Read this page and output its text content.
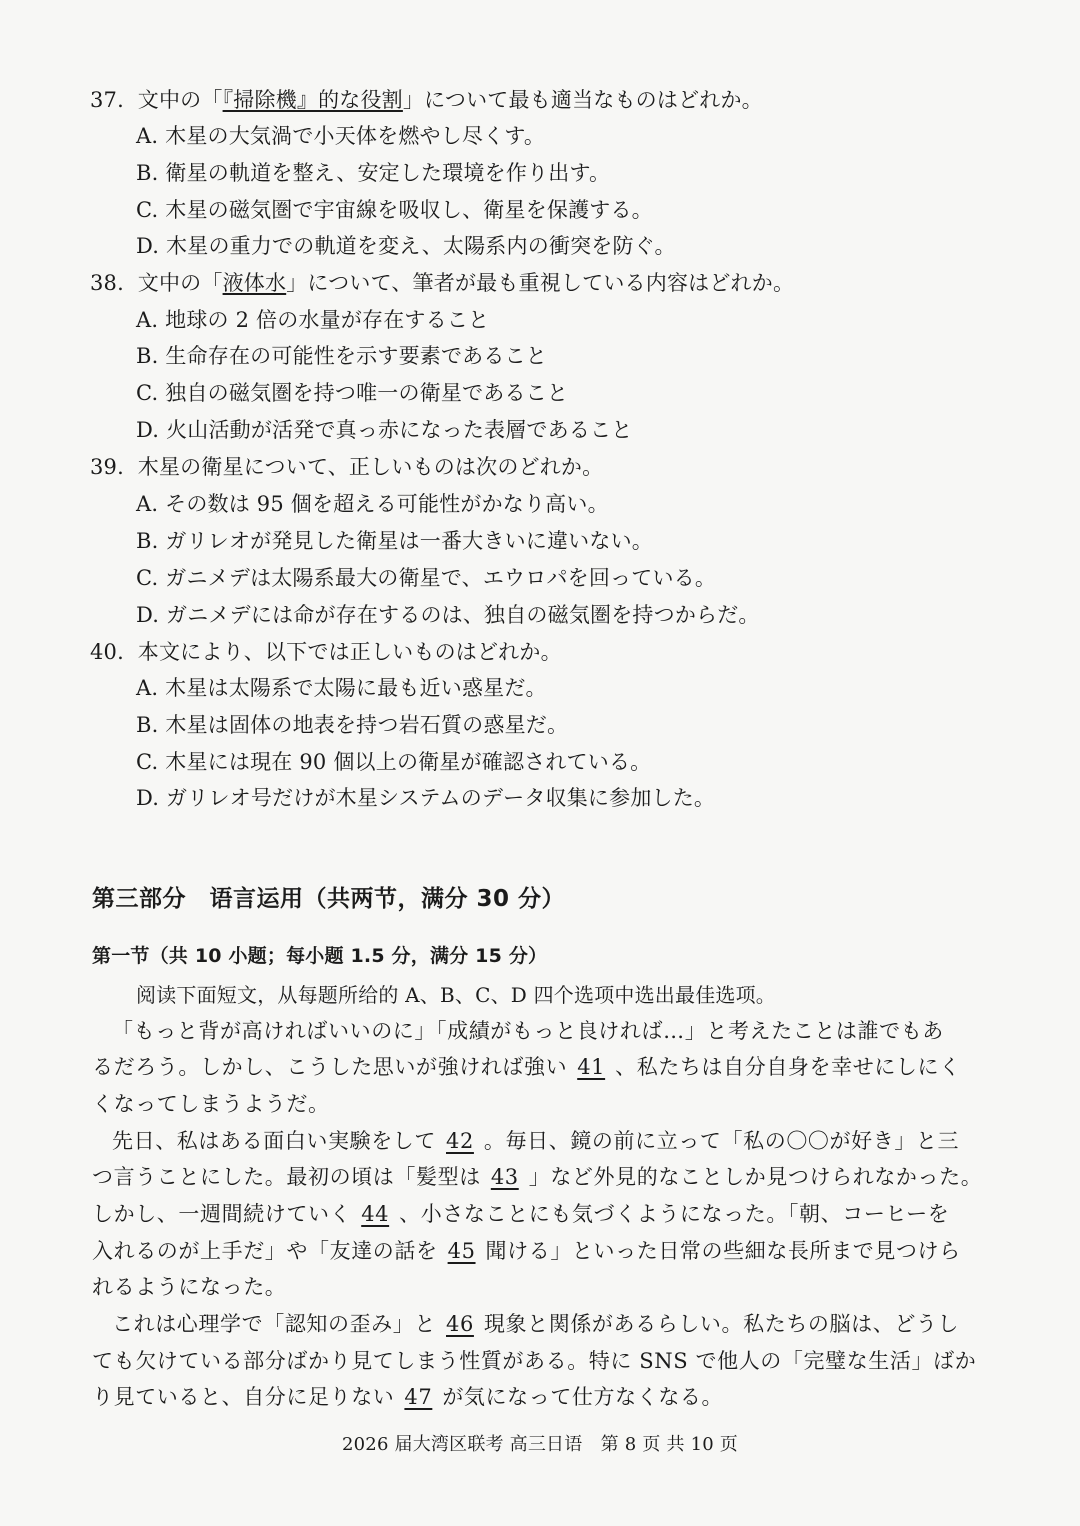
37. 文中の「『掃除機』的な役割」について最も適当なものはどれか。
A. 木星の大気渦で小天体を燃やし尽くす。
B. 衛星の軌道を整え、安定した環境を作り出す。
C. 木星の磁気圏で宇宙線を吸収し、衛星を保護する。
D. 木星の重力での軌道を変え、太陽系内の衝突を防ぐ。
38. 文中の「液体水」について、筆者が最も重視している内容はどれか。
A. 地球の 2 倍の水量が存在すること
B. 生命存在の可能性を示す要素であること
C. 独自の磁気圏を持つ唯一の衛星であること
D. 火山活動が活発で真っ赤になった表層であること
39. 木星の衛星について、正しいものは次のどれか。
A. その数は 95 個を超える可能性がかなり高い。
B. ガリレオが発見した衛星は一番大きいに違いない。
C. ガニメデは太陽系最大の衛星で、エウロパを回っている。
D. ガニメデには命が存在するのは、独自の磁気圏を持つからだ。
40. 本文により、以下では正しいものはどれか。
A. 木星は太陽系で太陽に最も近い惑星だ。
B. 木星は固体の地表を持つ岩石質の惑星だ。
C. 木星には現在 90 個以上の衛星が確認されている。
D. ガリレオ号だけが木星システムのデータ収集に参加した。
第三部分　语言运用（共两节，满分 30 分）
第一节（共 10 小题；每小题 1.5 分，满分 15 分）
阅读下面短文，从每题所给的 A、B、C、D 四个选项中选出最佳选项。
「もっと背が高ければいいのに」「成績がもっと良ければ…」と考えたことは誰でもあ
るだろう。しかし、こうした思いが強ければ強い 41 、私たちは自分自身を幸せにしにく
くなってしまうようだ。
先日、私はある面白い実験をして 42 。毎日、鏡の前に立って「私の〇〇が好き」と三
つ言うことにした。最初の頃は「髪型は 43 」など外見的なことしか見つけられなかった。
しかし、一週間続けていく 44 、小さなことにも気づくようになった。「朝、コーヒーを
入れるのが上手だ」や「友達の話を 45 聞ける」といった日常の些細な長所まで見つけら
れるようになった。
これは心理学で「認知の歪み」と 46 現象と関係があるらしい。私たちの脳は、どうし
ても欠けている部分ばかり見てしまう性質がある。特に SNS で他人の「完璧な生活」ばか
り見ていると、自分に足りない 47 が気になって仕方なくなる。
2026 届大湾区联考 高三日语　第 8 页 共 10 页
